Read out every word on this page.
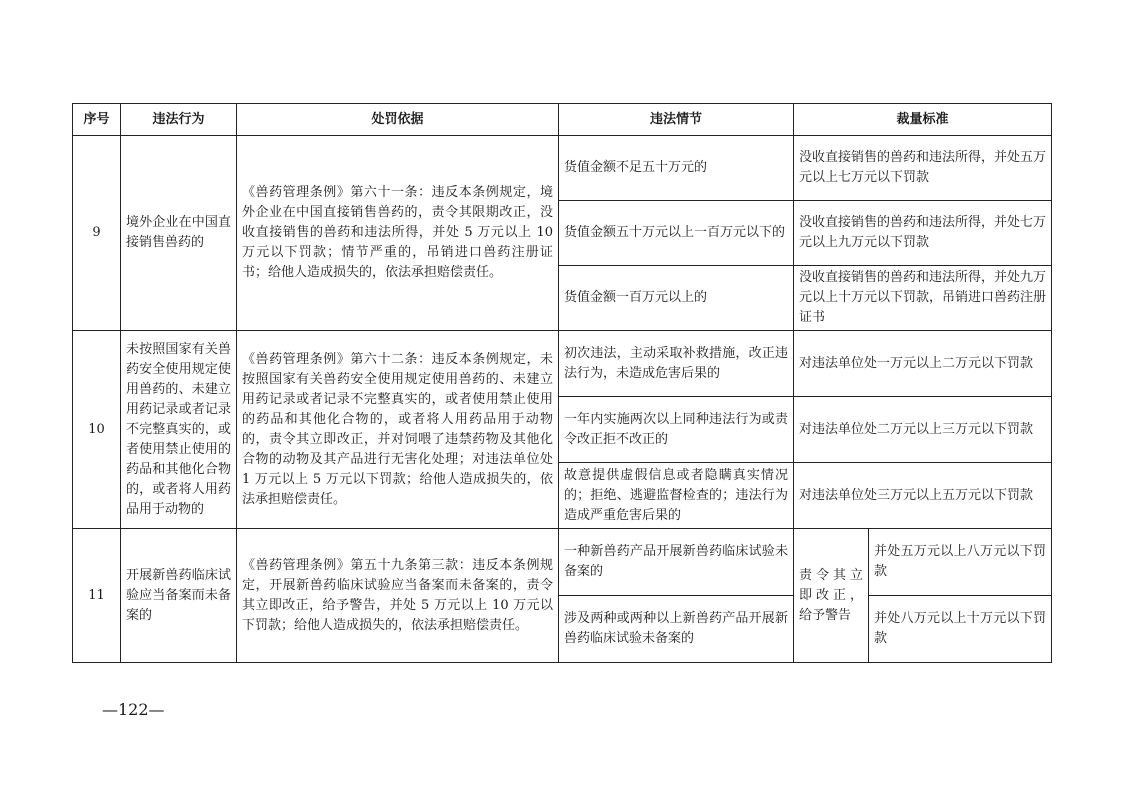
序号	违法行为	处罚依据	违法情节	裁量标准	
9	境外企业在中国直接销售兽药的	《兽药管理条例》第六十一条：违反本条例规定，境外企业在中国直接销售兽药的，责令其限期改正，没收直接销售的兽药和违法所得，并处 5 万元以上 10 万元以下罚款；情节严重的，吊销进口兽药注册证书；给他人造成损失的，依法承担赔偿责任。	货值金额不足五十万元的	没收直接销售的兽药和违法所得，并处五万元以上七万元以下罚款	
			货值金额五十万元以上一百万元以下的	没收直接销售的兽药和违法所得，并处七万元以上九万元以下罚款	
			货值金额一百万元以上的	没收直接销售的兽药和违法所得，并处九万元以上十万元以下罚款，吊销进口兽药注册证书	
10	未按照国家有关兽药安全使用规定使用兽药的、未建立用药记录或者记录不完整真实的，或者使用禁止使用的药品和其他化合物的，或者将人用药品用于动物的	《兽药管理条例》第六十二条：违反本条例规定，未按照国家有关兽药安全使用规定使用兽药的、未建立用药记录或者记录不完整真实的，或者使用禁止使用的药品和其他化合物的，或者将人用药品用于动物的，责令其立即改正，并对饲喂了违禁药物及其他化合物的动物及其产品进行无害化处理；对违法单位处 1 万元以上 5 万元以下罚款；给他人造成损失的，依法承担赔偿责任。	初次违法，主动采取补救措施，改正违法行为，未造成危害后果的	对违法单位处一万元以上二万元以下罚款	
			一年内实施两次以上同种违法行为或责令改正拒不改正的	对违法单位处二万元以上三万元以下罚款	
			故意提供虚假信息或者隐瞒真实情况的；拒绝、逃避监督检查的；违法行为造成严重危害后果的	对违法单位处三万元以上五万元以下罚款	
11	开展新兽药临床试验应当备案而未备案的	《兽药管理条例》第五十九条第三款：违反本条例规定，开展新兽药临床试验应当备案而未备案的，责令其立即改正，给予警告，并处 5 万元以上 10 万元以下罚款；给他人造成损失的，依法承担赔偿责任。	一种新兽药产品开展新兽药临床试验未备案的	责令其立即改正，给予警告	并处五万元以上八万元以下罚款
			涉及两种或两种以上新兽药产品开展新兽药临床试验未备案的		并处八万元以上十万元以下罚款
—122—
